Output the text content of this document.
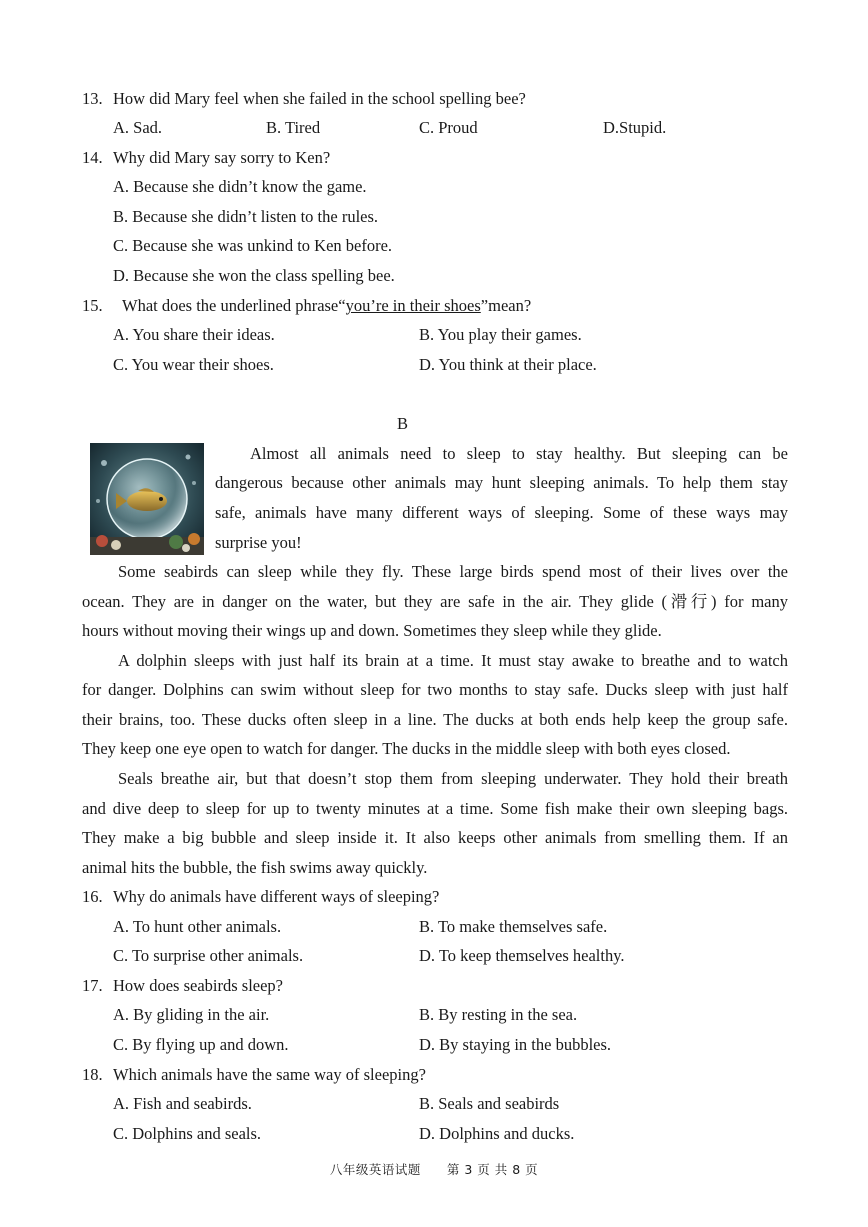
13. How did Mary feel when she failed in the school spelling bee?
A. Sad.	B. Tired	C. Proud	D.Stupid.
14. Why did Mary say sorry to Ken?
A. Because she didn’t know the game.
B. Because she didn’t listen to the rules.
C. Because she was unkind to Ken before.
D. Because she won the class spelling bee.
15. What does the underlined phrase“you’re in their shoes”mean?
A. You share their ideas.	B. You play their games.
C. You wear their shoes.	D. You think at their place.
B
Almost all animals need to sleep to stay healthy. But sleeping can be
dangerous because other animals may hunt sleeping animals. To help them stay
safe, animals have many different ways of sleeping. Some of these ways may
surprise you!
Some seabirds can sleep while they fly. These large birds spend most of their lives over the
ocean. They are in danger on the water, but they are safe in the air. They glide (滑行) for many
hours without moving their wings up and down. Sometimes they sleep while they glide.
A dolphin sleeps with just half its brain at a time. It must stay awake to breathe and to watch
for danger. Dolphins can swim without sleep for two months to stay safe. Ducks sleep with just half
their brains, too. These ducks often sleep in a line. The ducks at both ends help keep the group safe.
They keep one eye open to watch for danger. The ducks in the middle sleep with both eyes closed.
Seals breathe air, but that doesn’t stop them from sleeping underwater. They hold their breath
and dive deep to sleep for up to twenty minutes at a time. Some fish make their own sleeping bags.
They make a big bubble and sleep inside it. It also keeps other animals from smelling them. If an
animal hits the bubble, the fish swims away quickly.
16. Why do animals have different ways of sleeping?
A. To hunt other animals.	B. To make themselves safe.
C. To surprise other animals.	D. To keep themselves healthy.
17. How does seabirds sleep?
A. By gliding in the air.	B. By resting in the sea.
C. By flying up and down.	D. By staying in the bubbles.
18. Which animals have the same way of sleeping?
A. Fish and seabirds.	B. Seals and seabirds
C. Dolphins and seals.	D. Dolphins and ducks.
八年级英语试题　　第 3 页 共 8 页
